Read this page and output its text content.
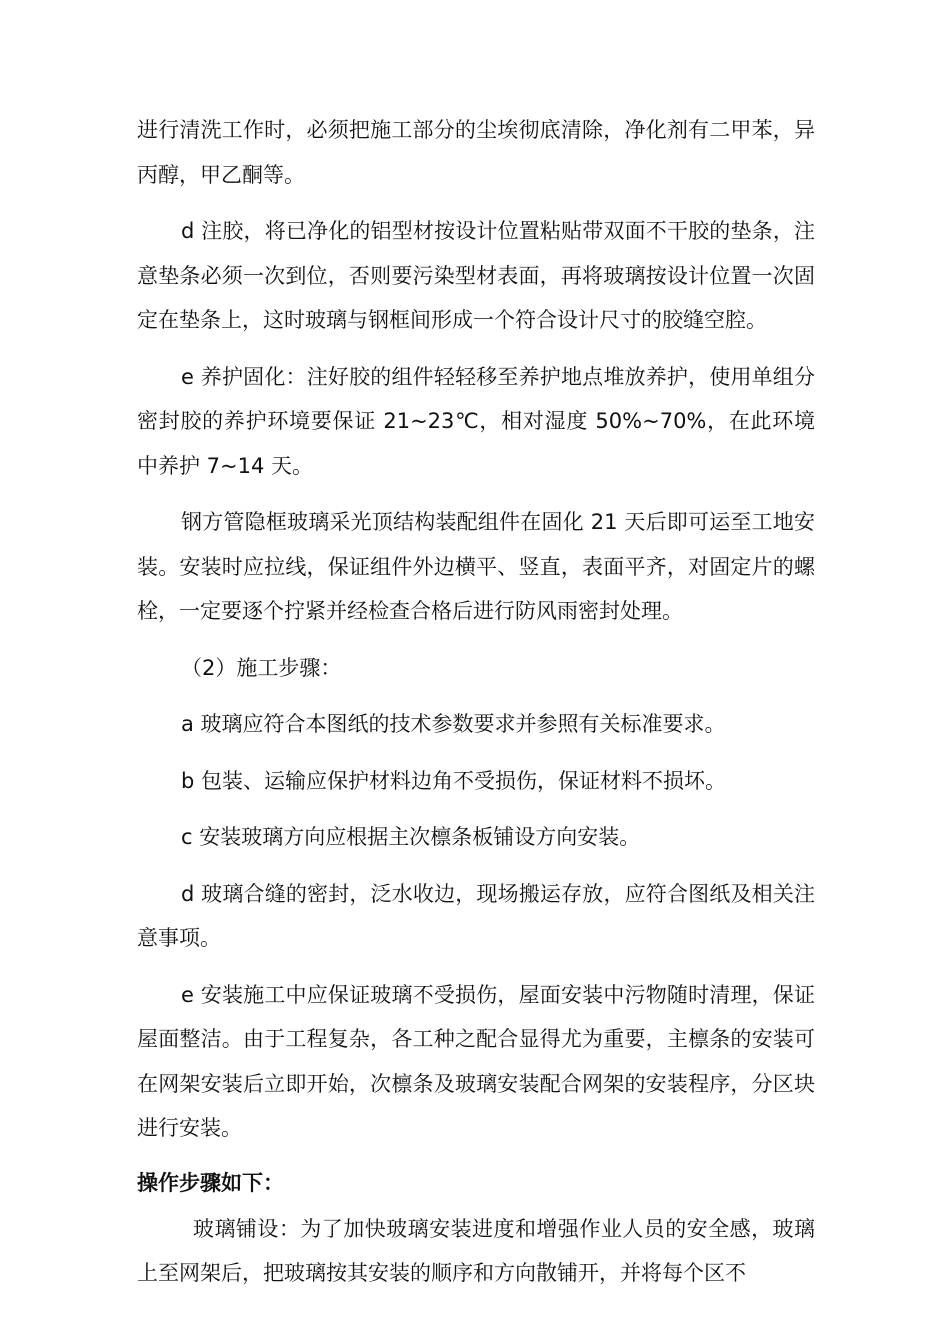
进行清洗工作时，必须把施工部分的尘埃彻底清除，净化剂有二甲苯，异丙醇，甲乙酮等。

d 注胶，将已净化的铝型材按设计位置粘贴带双面不干胶的垫条，注意垫条必须一次到位，否则要污染型材表面，再将玻璃按设计位置一次固定在垫条上，这时玻璃与钢框间形成一个符合设计尺寸的胶缝空腔。

e 养护固化：注好胶的组件轻轻移至养护地点堆放养护，使用单组分密封胶的养护环境要保证 21~23℃，相对湿度 50%~70%，在此环境中养护 7~14 天。

钢方管隐框玻璃采光顶结构装配组件在固化 21 天后即可运至工地安装。安装时应拉线，保证组件外边横平、竖直，表面平齐，对固定片的螺栓，一定要逐个拧紧并经检查合格后进行防风雨密封处理。

（2）施工步骤：

a 玻璃应符合本图纸的技术参数要求并参照有关标准要求。

b 包装、运输应保护材料边角不受损伤，保证材料不损坏。

c 安装玻璃方向应根据主次檩条板铺设方向安装。

d 玻璃合缝的密封，泛水收边，现场搬运存放，应符合图纸及相关注意事项。

e 安装施工中应保证玻璃不受损伤，屋面安装中污物随时清理，保证屋面整洁。由于工程复杂，各工种之配合显得尤为重要，主檩条的安装可在网架安装后立即开始，次檩条及玻璃安装配合网架的安装程序，分区块进行安装。

操作步骤如下：

玻璃铺设：为了加快玻璃安装进度和增强作业人员的安全感，玻璃上至网架后，把玻璃按其安装的顺序和方向散铺开，并将每个区不
